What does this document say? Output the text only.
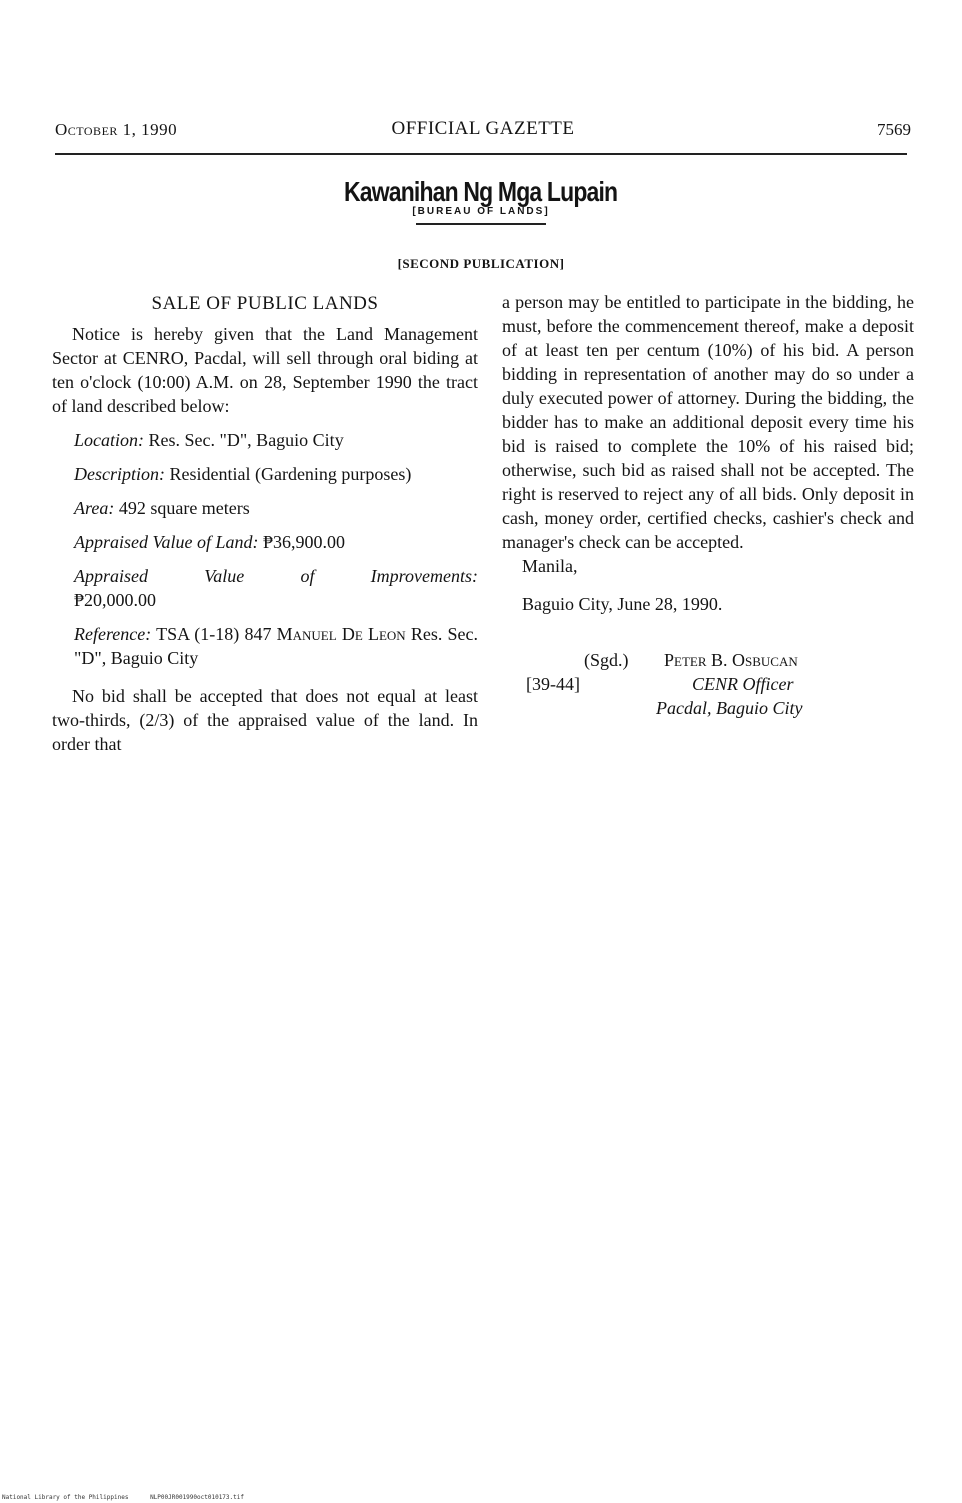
October 1, 1990	OFFICIAL GAZETTE	7569
Kawanihan Ng Mga Lupain
[BUREAU OF LANDS]
[SECOND PUBLICATION]
SALE OF PUBLIC LANDS

Notice is hereby given that the Land Management Sector at CENRO, Pacdal, will sell through oral biding at ten o'clock (10:00) A.M. on 28, September 1990 the tract of land described below:

Location: Res. Sec. "D", Baguio City
Description: Residential (Gardening purposes)
Area: 492 square meters
Appraised Value of Land: ₱36,900.00
Appraised	Value	of	Improvements:
₱20,000.00
Reference: TSA (1-18) 847 Manuel De Leon Res. Sec. "D", Baguio City

No bid shall be accepted that does not equal at least two-thirds, (2/3) of the appraised value of the land. In order that

a person may be entitled to participate in the bidding, he must, before the commencement thereof, make a deposit of at least ten per centum (10%) of his bid. A person bidding in representation of another may do so under a duly executed power of attorney. During the bidding, the bidder has to make an additional deposit every time his bid is raised to complete the 10% of his raised bid; otherwise, such bid as raised shall not be accepted. The right is reserved to reject any of all bids. Only deposit in cash, money order, certified checks, cashier's check and manager's check can be accepted.

Manila,

Baguio City, June 28, 1990.

(Sgd.) Peter B. Osbucan
[39-44]	CENR Officer
Pacdal, Baguio City
National Library of the Philippines	NLP00JR001990oct010173.tif
